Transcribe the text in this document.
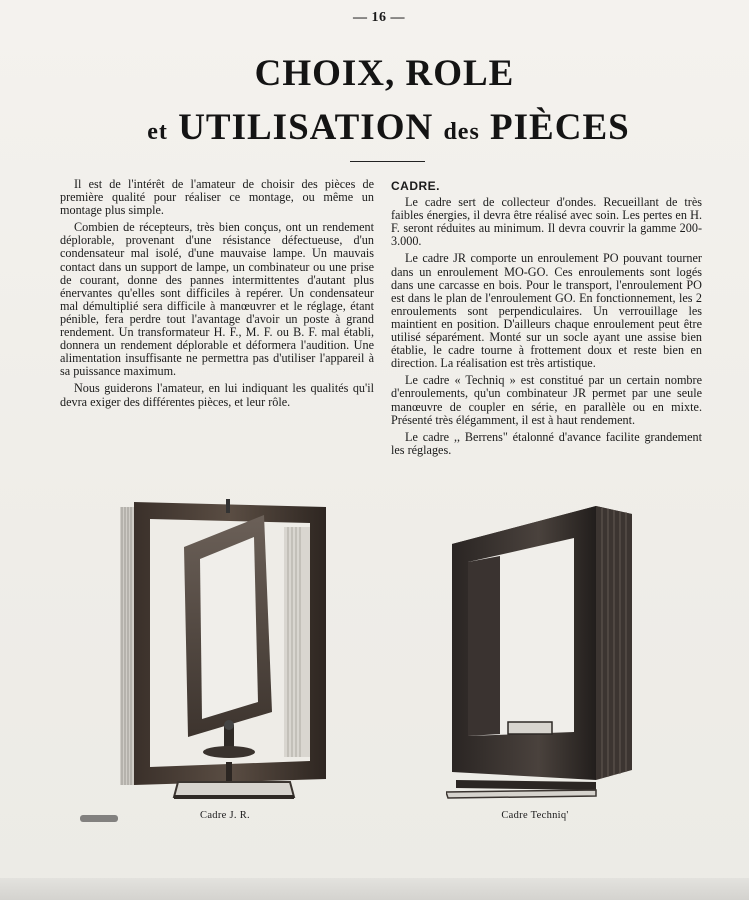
— 16 —
CHOIX, ROLE
et UTILISATION des PIÈCES

Il est de l'intérêt de l'amateur de choisir des pièces de première qualité pour réaliser ce montage, ou même un montage plus simple.

Combien de récepteurs, très bien conçus, ont un rendement déplorable, provenant d'une résistance défectueuse, d'un condensateur mal isolé, d'une mauvaise lampe. Un mauvais contact dans un support de lampe, un combinateur ou une prise de courant, donne des pannes intermittentes d'autant plus énervantes qu'elles sont difficiles à repérer. Un condensateur mal démultiplié sera difficile à manœuvrer et le réglage, étant pénible, fera perdre tout l'avantage d'avoir un poste à grand rendement. Un transformateur H. F., M. F. ou B. F. mal établi, donnera un rendement déplorable et déformera l'audition. Une alimentation insuffisante ne permettra pas d'utiliser l'appareil à sa puissance maximum.

Nous guiderons l'amateur, en lui indiquant les qualités qu'il devra exiger des différentes pièces, et leur rôle.

CADRE.

Le cadre sert de collecteur d'ondes. Recueillant de très faibles énergies, il devra être réalisé avec soin. Les pertes en H. F. seront réduites au minimum. Il devra couvrir la gamme 200-3.000.

Le cadre JR comporte un enroulement PO pouvant tourner dans un enroulement MO-GO. Ces enroulements sont logés dans une carcasse en bois. Pour le transport, l'enroulement PO est dans le plan de l'enroulement GO. En fonctionnement, les 2 enroulements sont perpendiculaires. Un verrouillage les maintient en position. D'ailleurs chaque enroulement peut être utilisé séparément. Monté sur un socle ayant une assise bien établie, le cadre tourne à frottement doux et reste bien en direction. La réalisation est très artistique.

Le cadre « Techniq » est constitué par un certain nombre d'enroulements, qu'un combinateur JR permet par une seule manœuvre de coupler en série, en parallèle ou en mixte. Présenté très élégamment, il est à haut rendement.

Le cadre ,, Berrens" étalonné d'avance facilite grandement les réglages.

Cadre J. R.	Cadre Techniq'
